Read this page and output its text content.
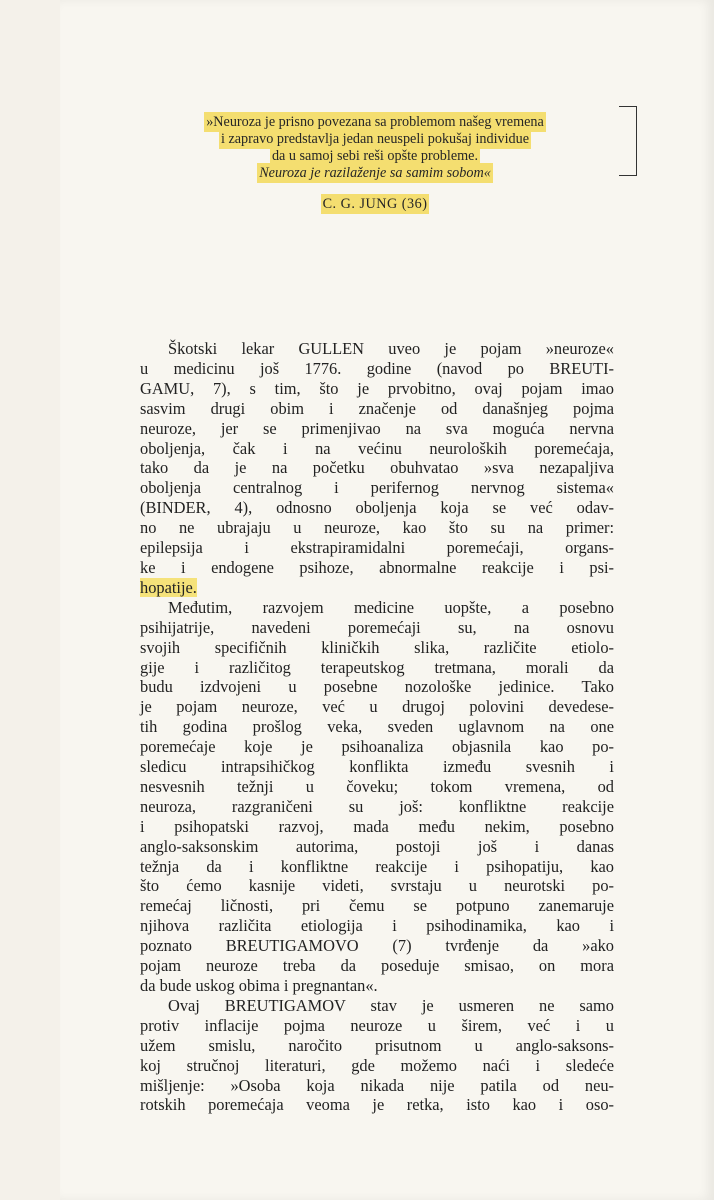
»Neuroza je prisno povezana sa problemom našeg vremena
i zapravo predstavlja jedan neuspeli pokušaj individue
da u samoj sebi reši opšte probleme.
Neuroza je razilaženje sa samim sobom«
C. G. JUNG (36)

Škotski lekar GULLEN uveo je pojam »neuroze«
u medicinu još 1776. godine (navod po BREUTI-
GAMU, 7), s tim, što je prvobitno, ovaj pojam imao
sasvim drugi obim i značenje od današnjeg pojma
neuroze, jer se primenjivao na sva moguća nervna
oboljenja, čak i na većinu neuroloških poremećaja,
tako da je na početku obuhvatao »sva nezapaljiva
oboljenja centralnog i perifernog nervnog sistema«
(BINDER, 4), odnosno oboljenja koja se već odav-
no ne ubrajaju u neuroze, kao što su na primer:
epilepsija i ekstrapiramidalni poremećaji, organs-
ke i endogene psihoze, abnormalne reakcije i psi-
hopatije.

Međutim, razvojem medicine uopšte, a posebno
psihijatrije, navedeni poremećaji su, na osnovu
svojih specifičnih kliničkih slika, različite etiolo-
gije i različitog terapeutskog tretmana, morali da
budu izdvojeni u posebne nozološke jedinice. Tako
je pojam neuroze, već u drugoj polovini devedese-
tih godina prošlog veka, sveden uglavnom na one
poremećaje koje je psihoanaliza objasnila kao po-
sledicu intrapsihičkog konflikta između svesnih i
nesvesnih težnji u čoveku; tokom vremena, od
neuroza, razgraničeni su još: konfliktne reakcije
i psihopatski razvoj, mada među nekim, posebno
anglo-saksonskim autorima, postoji još i danas
težnja da i konfliktne reakcije i psihopatiju, kao
što ćemo kasnije videti, svrstaju u neurotski po-
remećaj ličnosti, pri čemu se potpuno zanemaruje
njihova različita etiologija i psihodinamika, kao i
poznato BREUTIGAMOVO (7) tvrđenje da »ako
pojam neuroze treba da poseduje smisao, on mora
da bude uskog obima i pregnantan«.

Ovaj BREUTIGAMOV stav je usmeren ne samo
protiv inflacije pojma neuroze u širem, već i u
užem smislu, naročito prisutnom u anglo-saksons-
koj stručnoj literaturi, gde možemo naći i sledeće
mišljenje: »Osoba koja nikada nije patila od neu-
rotskih poremećaja veoma je retka, isto kao i oso-
